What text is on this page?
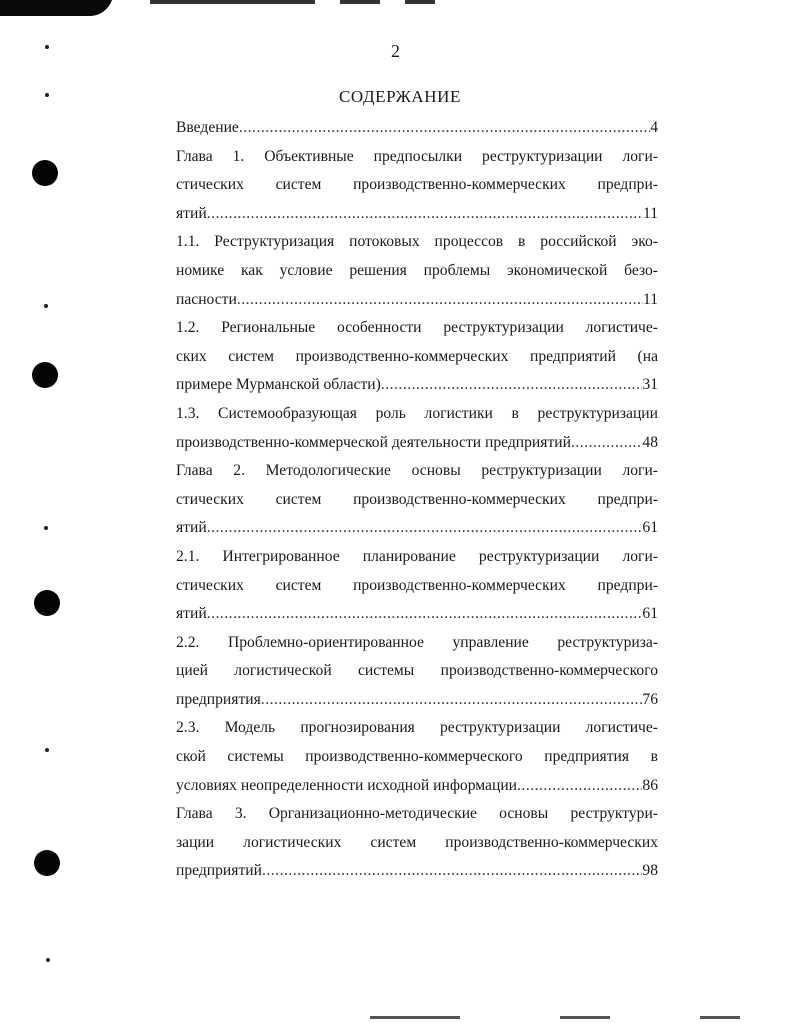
2
СОДЕРЖАНИЕ
Введение .....	4
Глава 1. Объективные предпосылки реструктуризации логи-
стических систем производственно-коммерческих предпри-
ятий .....	11
1.1. Реструктуризация потоковых процессов в российской эко-
номике как условие решения проблемы экономической безо-
пасности .....	11
1.2. Региональные особенности реструктуризации логистиче-
ских систем производственно-коммерческих предприятий (на
примере Мурманской области) .....	31
1.3. Системообразующая роль логистики в реструктуризации
производственно-коммерческой деятельности предприятий .....	48
Глава 2. Методологические основы реструктуризации логи-
стических систем производственно-коммерческих предпри-
ятий .....	61
2.1. Интегрированное планирование реструктуризации логи-
стических систем производственно-коммерческих предпри-
ятий .....	61
2.2. Проблемно-ориентированное управление реструктуриза-
цией логистической системы производственно-коммерческого
предприятия .....	76
2.3. Модель прогнозирования реструктуризации логистиче-
ской системы производственно-коммерческого предприятия в
условиях неопределенности исходной информации .....	86
Глава 3. Организационно-методические основы реструктури-
зации логистических систем производственно-коммерческих
предприятий .....	98
